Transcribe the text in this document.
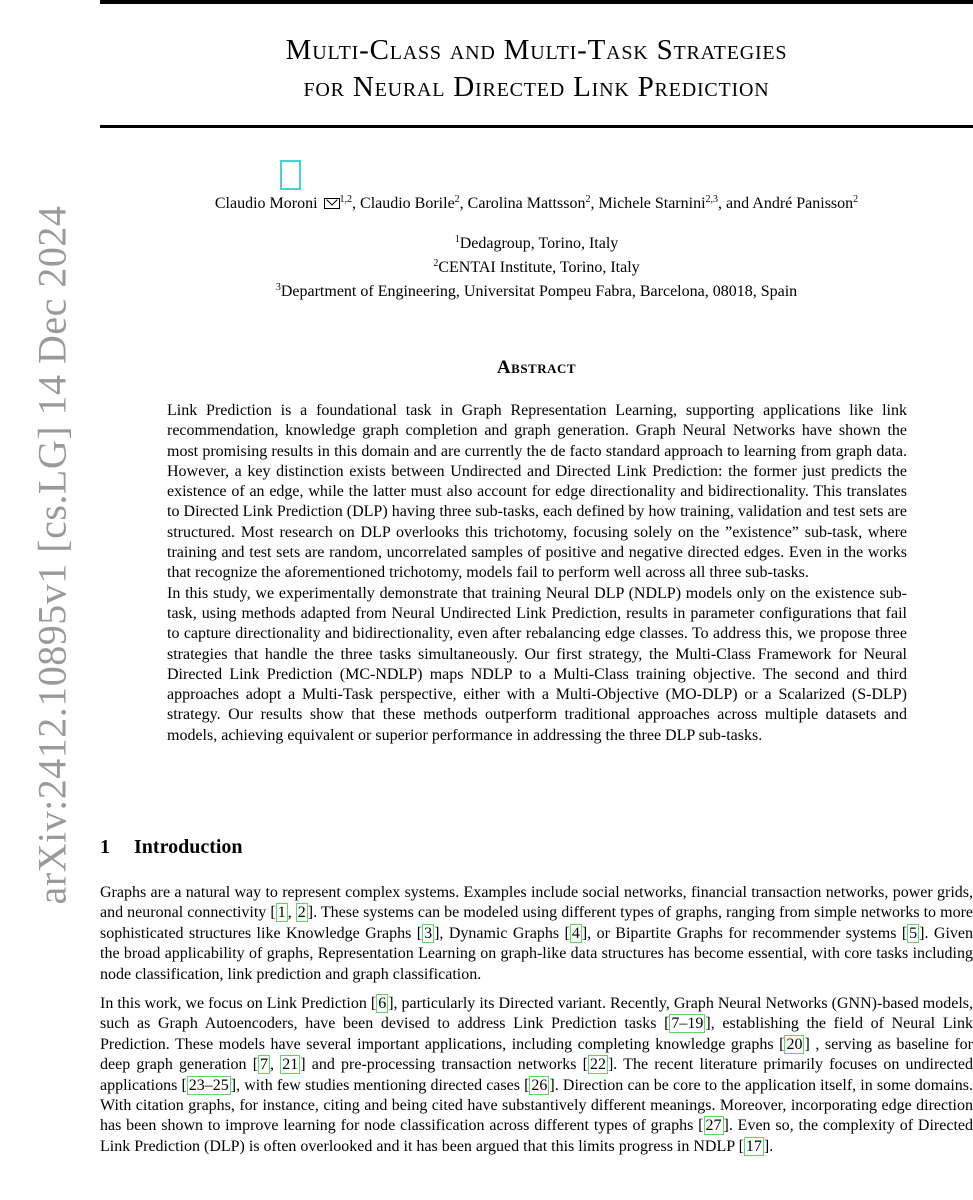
Multi-Class and Multi-Task Strategies
for Neural Directed Link Prediction
arXiv:2412.10895v1 [cs.LG] 14 Dec 2024
Claudio Moroni $^{1,2}$, Claudio Borile$^2$, Carolina Mattsson$^2$, Michele Starnini$^{2,3}$, and André Panisson$^2$
$^1$Dedagroup, Torino, Italy
$^2$CENTAI Institute, Torino, Italy
$^3$Department of Engineering, Universitat Pompeu Fabra, Barcelona, 08018, Spain
Abstract

Link Prediction is a foundational task in Graph Representation Learning, supporting applications like link recommendation, knowledge graph completion and graph generation. Graph Neural Networks have shown the most promising results in this domain and are currently the de facto standard approach to learning from graph data. However, a key distinction exists between Undirected and Directed Link Prediction: the former just predicts the existence of an edge, while the latter must also account for edge directionality and bidirectionality. This translates to Directed Link Prediction (DLP) having three sub-tasks, each defined by how training, validation and test sets are structured. Most research on DLP overlooks this trichotomy, focusing solely on the ”existence” sub-task, where training and test sets are random, uncorrelated samples of positive and negative directed edges. Even in the works that recognize the aforementioned trichotomy, models fail to perform well across all three sub-tasks.

In this study, we experimentally demonstrate that training Neural DLP (NDLP) models only on the existence sub-task, using methods adapted from Neural Undirected Link Prediction, results in parameter configurations that fail to capture directionality and bidirectionality, even after rebalancing edge classes. To address this, we propose three strategies that handle the three tasks simultaneously. Our first strategy, the Multi-Class Framework for Neural Directed Link Prediction (MC-NDLP) maps NDLP to a Multi-Class training objective. The second and third approaches adopt a Multi-Task perspective, either with a Multi-Objective (MO-DLP) or a Scalarized (S-DLP) strategy. Our results show that these methods outperform traditional approaches across multiple datasets and models, achieving equivalent or superior performance in addressing the three DLP sub-tasks.

1 Introduction

Graphs are a natural way to represent complex systems. Examples include social networks, financial transaction networks, power grids, and neuronal connectivity [ 1 , 2 ]. These systems can be modeled using different types of graphs, ranging from simple networks to more sophisticated structures like Knowledge Graphs [ 3 ], Dynamic Graphs [ 4 ], or Bipartite Graphs for recommender systems [ 5 ]. Given the broad applicability of graphs, Representation Learning on graph-like data structures has become essential, with core tasks including node classification, link prediction and graph classification.

In this work, we focus on Link Prediction [ 6 ], particularly its Directed variant. Recently, Graph Neural Networks (GNN)-based models, such as Graph Autoencoders, have been devised to address Link Prediction tasks [ 7–19 ], establishing the field of Neural Link Prediction. These models have several important applications, including completing knowledge graphs [ 20 ] , serving as baseline for deep graph generation [ 7 , 21 ] and pre-processing transaction networks [ 22 ]. The recent literature primarily focuses on undirected applications [ 23–25 ], with few studies mentioning directed cases [ 26 ]. Direction can be core to the application itself, in some domains. With citation graphs, for instance, citing and being cited have substantively different meanings. Moreover, incorporating edge direction has been shown to improve learning for node classification across different types of graphs [ 27 ]. Even so, the complexity of Directed Link Prediction (DLP) is often overlooked and it has been argued that this limits progress in NDLP [ 17 ].
